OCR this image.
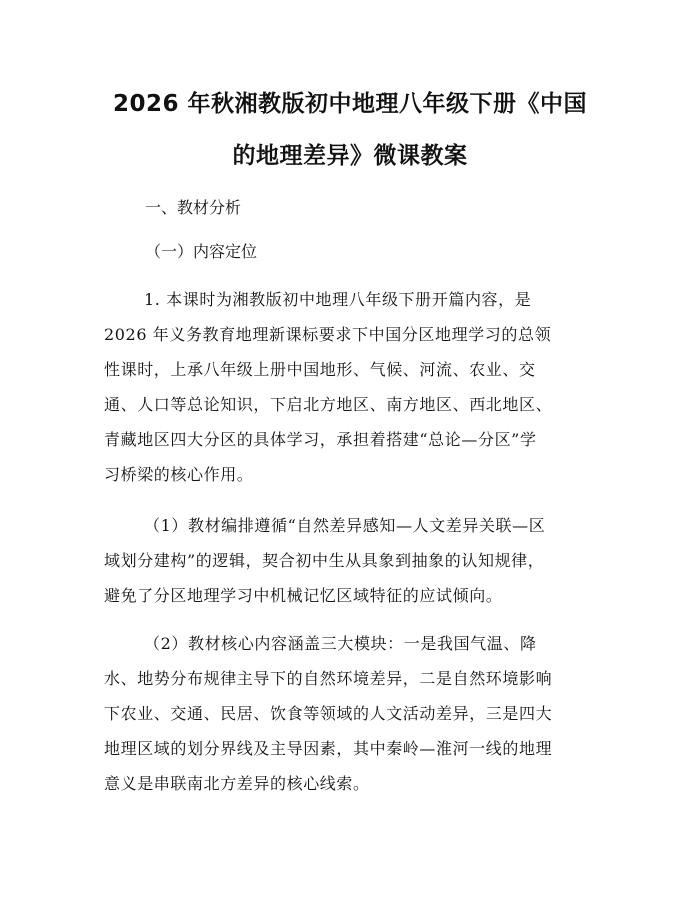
2026 年秋湘教版初中地理八年级下册《中国
的地理差异》微课教案
一、教材分析
（一）内容定位
1. 本课时为湘教版初中地理八年级下册开篇内容，是
2026 年义务教育地理新课标要求下中国分区地理学习的总领
性课时，上承八年级上册中国地形、气候、河流、农业、交
通、人口等总论知识，下启北方地区、南方地区、西北地区、
青藏地区四大分区的具体学习，承担着搭建“总论—分区”学
习桥梁的核心作用。
（1）教材编排遵循“自然差异感知—人文差异关联—区
域划分建构”的逻辑，契合初中生从具象到抽象的认知规律，
避免了分区地理学习中机械记忆区域特征的应试倾向。
（2）教材核心内容涵盖三大模块：一是我国气温、降
水、地势分布规律主导下的自然环境差异，二是自然环境影响
下农业、交通、民居、饮食等领域的人文活动差异，三是四大
地理区域的划分界线及主导因素，其中秦岭—淮河一线的地理
意义是串联南北方差异的核心线索。
